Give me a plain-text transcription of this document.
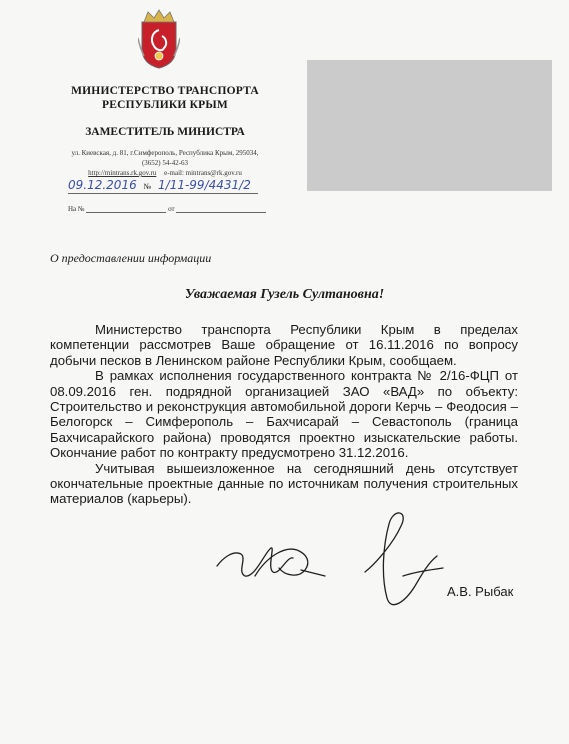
МИНИСТЕРСТВО ТРАНСПОРТА
РЕСПУБЛИКИ КРЫМ
ЗАМЕСТИТЕЛЬ МИНИСТРА
ул. Киевская, д. 81, г.Симферополь, Республика Крым, 295034,
(3652) 54-42-63
http://mintrans.rk.gov.ru e-mail: mintrans@rk.gov.ru
09.12.2016 № 1/11-99/4431/2
На №	от
О предоставлении информации
Уважаемая Гузель Султановна!

Министерство транспорта Республики Крым в пределах компетенции рассмотрев Ваше обращение от 16.11.2016 по вопросу добычи песков в Ленинском районе Республики Крым, сообщаем.

В рамках исполнения государственного контракта № 2/16-ФЦП от 08.09.2016 ген. подрядной организацией ЗАО «ВАД» по объекту: Строительство и реконструкция автомобильной дороги Керчь – Феодосия – Белогорск – Симферополь – Бахчисарай – Севастополь (граница Бахчисарайского района) проводятся проектно изыскательские работы. Окончание работ по контракту предусмотрено 31.12.2016.

Учитывая вышеизложенное на сегодняшний день отсутствует окончательные проектные данные по источникам получения строительных материалов (карьеры).

А.В. Рыбак
